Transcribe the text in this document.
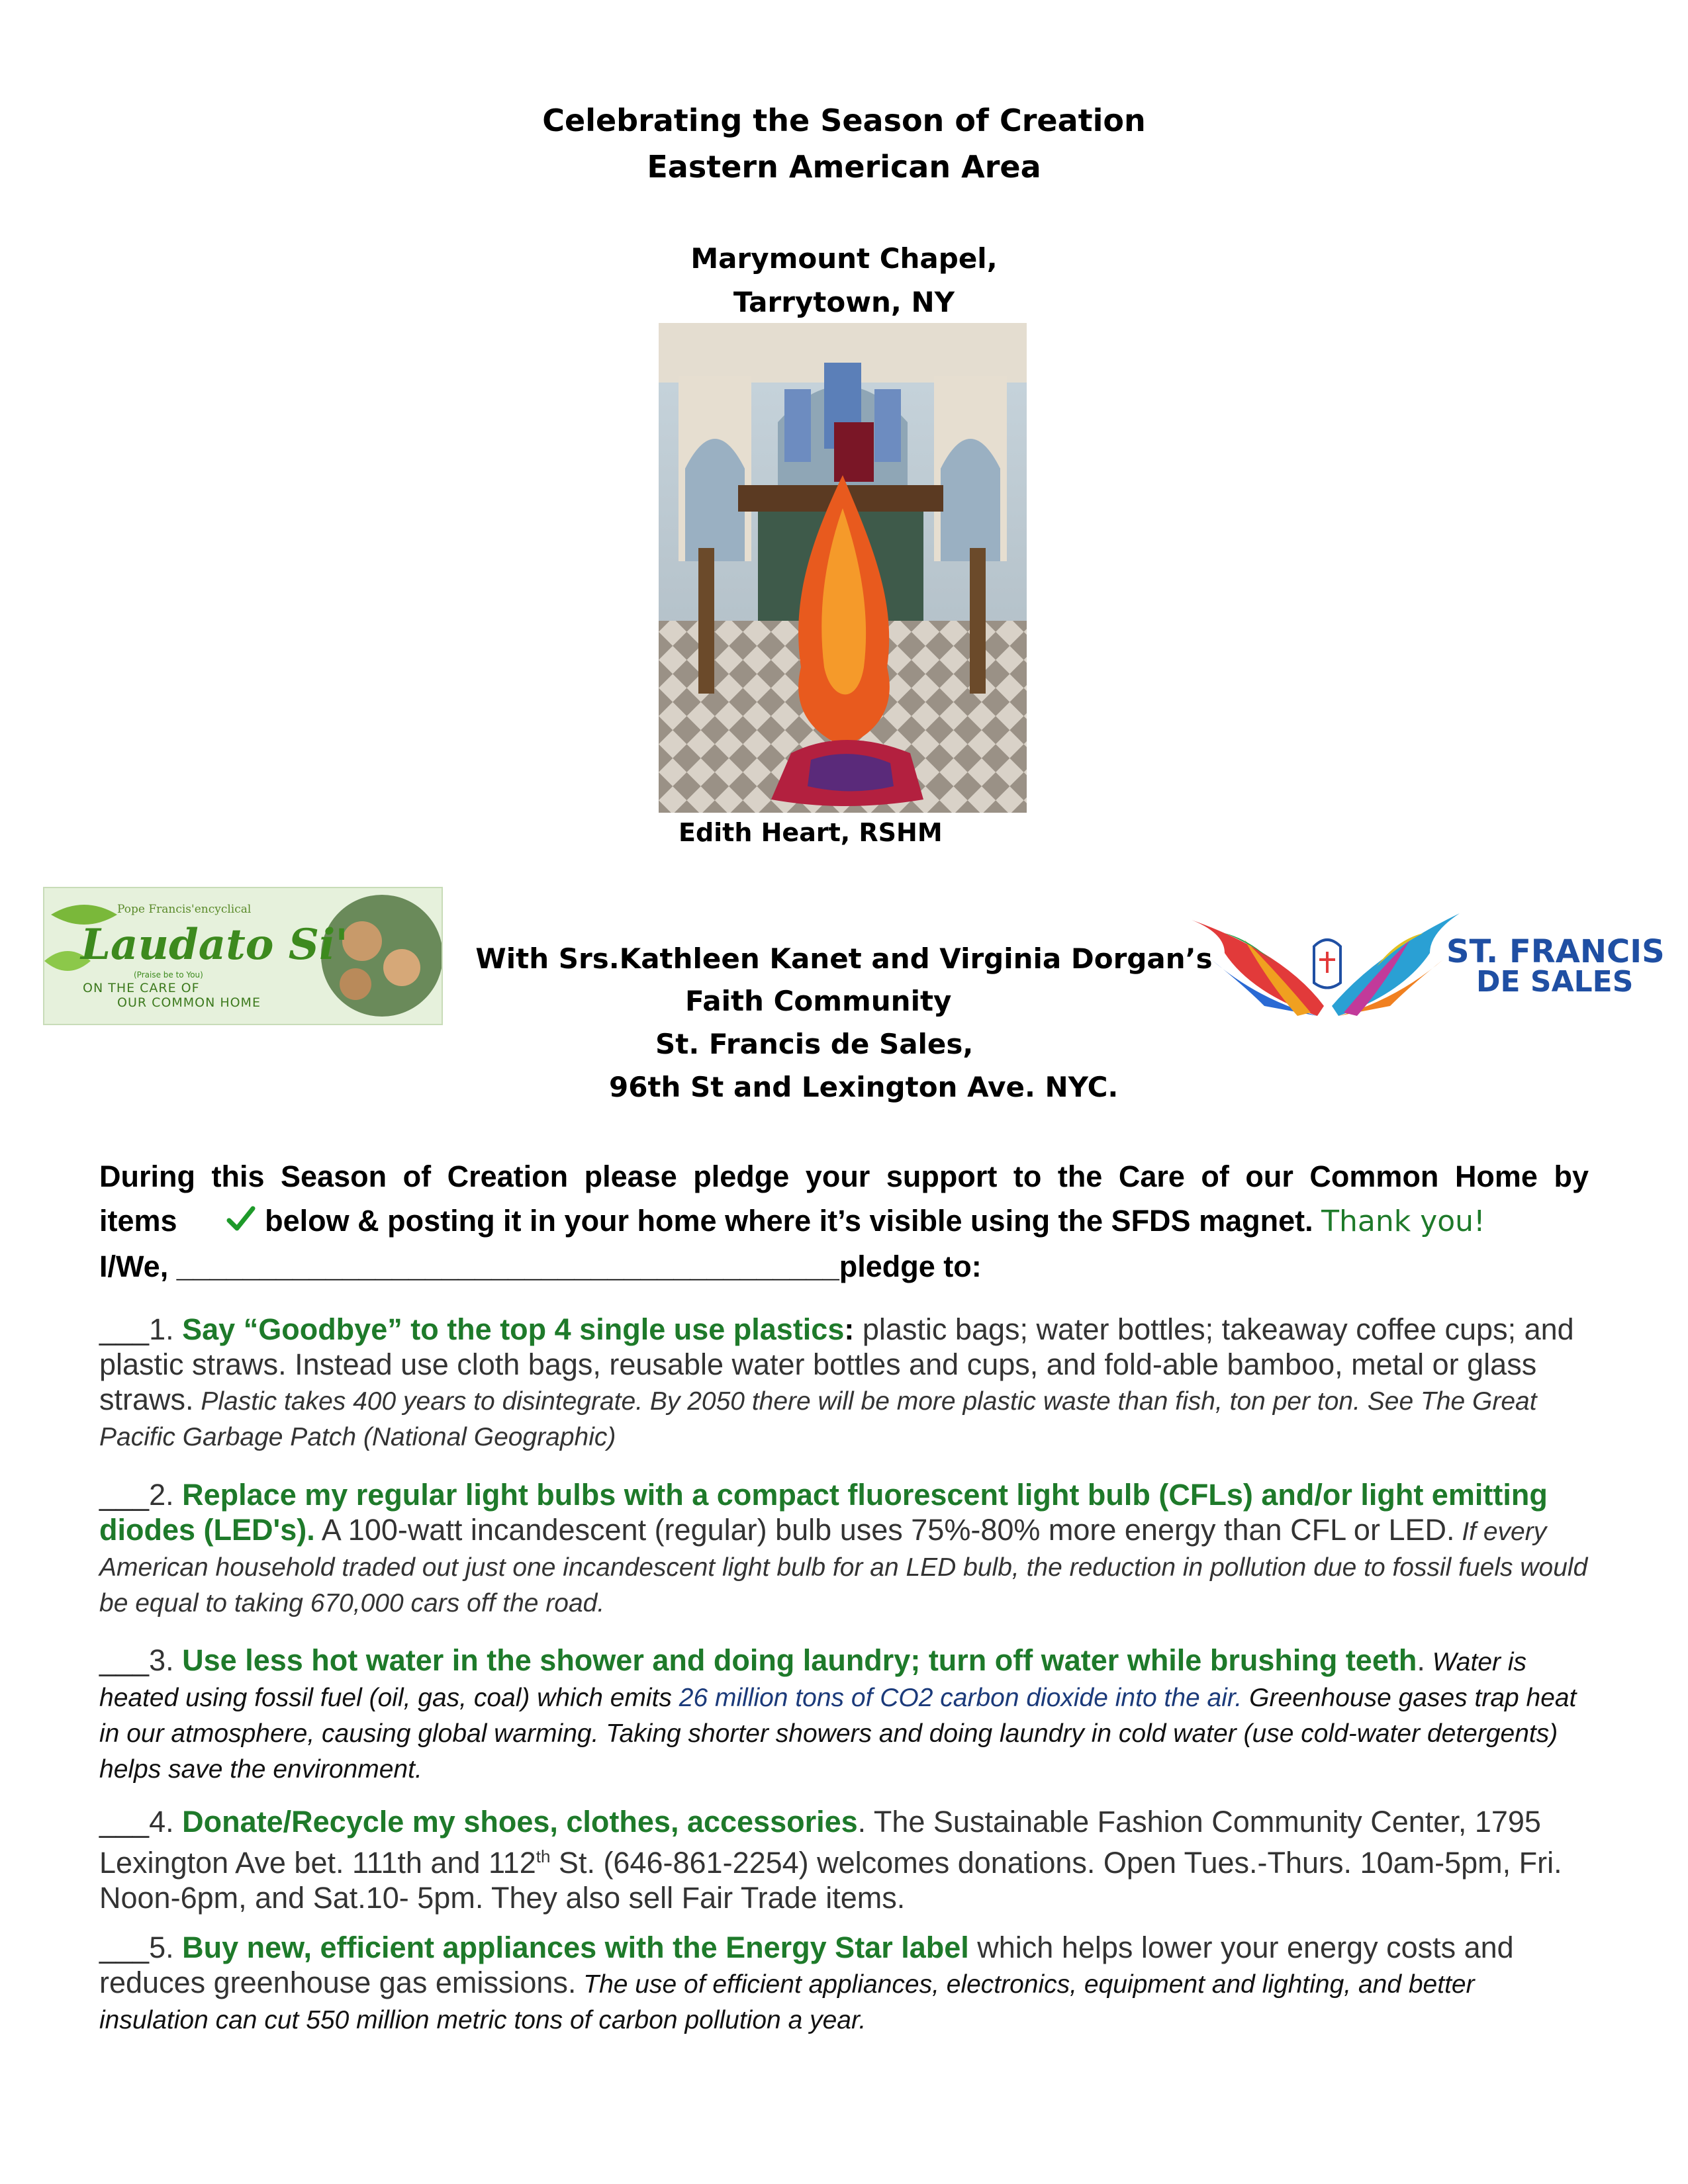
Celebrating the Season of Creation
Eastern American Area
Marymount Chapel,
Tarrytown, NY
Edith Heart, RSHM
Pope Francis'encyclical
Laudato Si'
(Praise be to You)
ON THE CARE OF
OUR COMMON HOME
With Srs.Kathleen Kanet and Virginia Dorgan’s
Faith Community
St. Francis de Sales,
96th St and Lexington Ave. NYC.
ST. FRANCIS
DE SALES
During this Season of Creation please pledge your support to the Care of our Common Home by
items	below & posting it in your home where it’s visible using the SFDS magnet. Thank you!
I/We, ________________________________________pledge to:

___1. Say “Goodbye” to the top 4 single use plastics: plastic bags; water bottles; takeaway coffee cups; and plastic straws. Instead use cloth bags, reusable water bottles and cups, and fold-able bamboo, metal or glass straws. Plastic takes 400 years to disintegrate. By 2050 there will be more plastic waste than fish, ton per ton. See The Great Pacific Garbage Patch (National Geographic)

___2. Replace my regular light bulbs with a compact fluorescent light bulb (CFLs) and/or light emitting diodes (LED's). A 100-watt incandescent (regular) bulb uses 75%-80% more energy than CFL or LED. If every American household traded out just one incandescent light bulb for an LED bulb, the reduction in pollution due to fossil fuels would be equal to taking 670,000 cars off the road.

___3. Use less hot water in the shower and doing laundry; turn off water while brushing teeth. Water is heated using fossil fuel (oil, gas, coal) which emits 26 million tons of CO2 carbon dioxide into the air. Greenhouse gases trap heat in our atmosphere, causing global warming. Taking shorter showers and doing laundry in cold water (use cold-water detergents) helps save the environment.

___4. Donate/Recycle my shoes, clothes, accessories. The Sustainable Fashion Community Center, 1795 Lexington Ave bet. 111th and 112th St. (646-861-2254) welcomes donations. Open Tues.-Thurs. 10am-5pm, Fri. Noon-6pm, and Sat.10- 5pm. They also sell Fair Trade items.

___5. Buy new, efficient appliances with the Energy Star label which helps lower your energy costs and reduces greenhouse gas emissions. The use of efficient appliances, electronics, equipment and lighting, and better insulation can cut 550 million metric tons of carbon pollution a year.
